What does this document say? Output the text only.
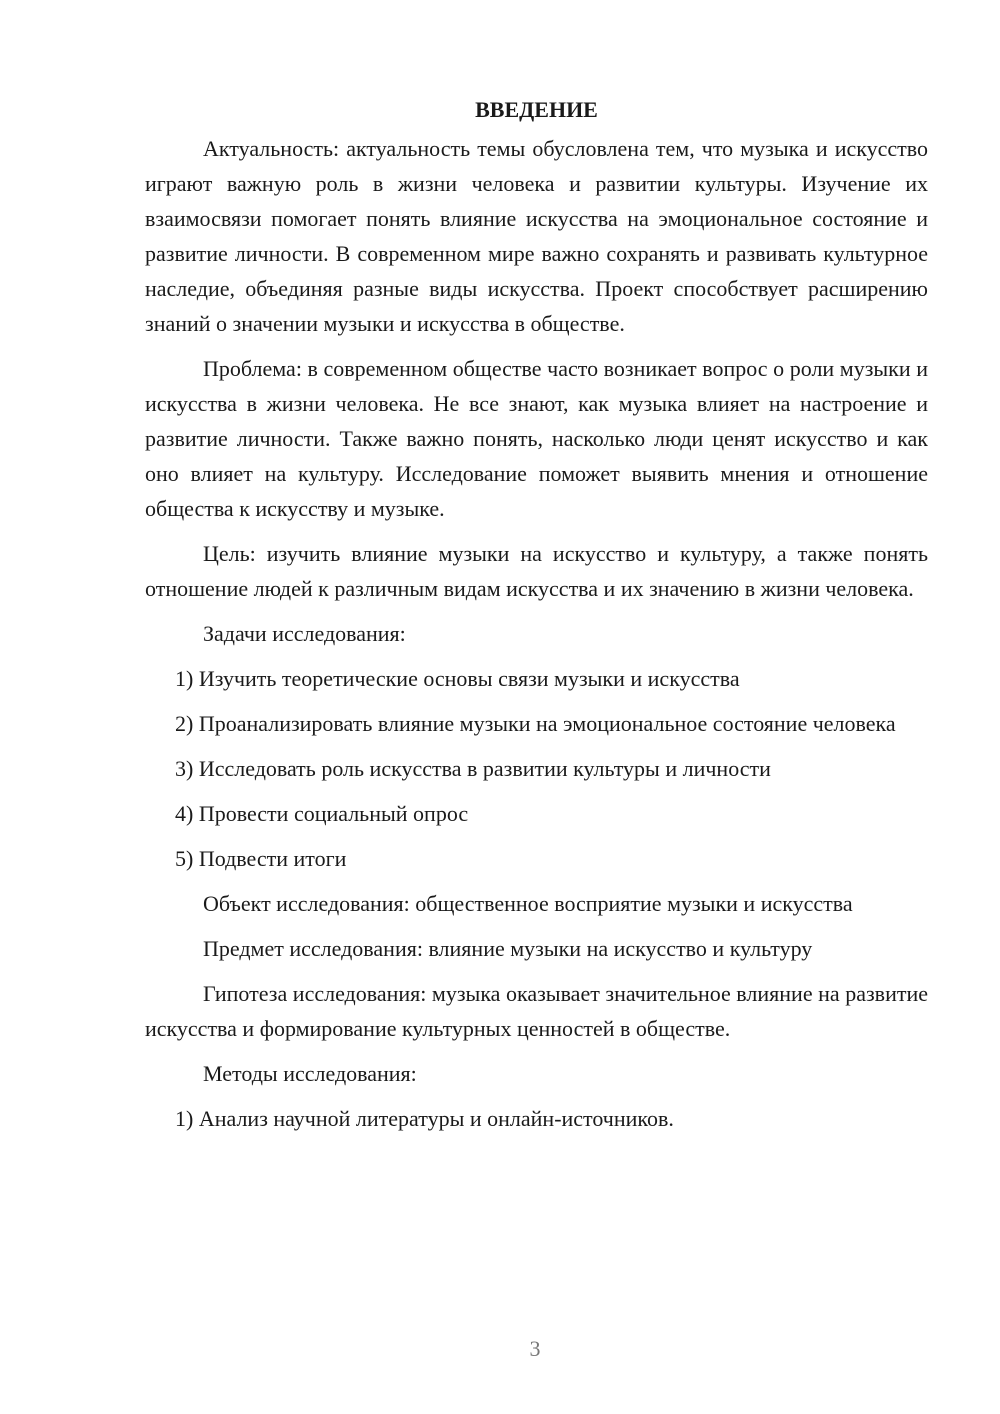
ВВЕДЕНИЕ

Актуальность: актуальность темы обусловлена тем, что музыка и искусство играют важную роль в жизни человека и развитии культуры. Изучение их взаимосвязи помогает понять влияние искусства на эмоциональное состояние и развитие личности. В современном мире важно сохранять и развивать культурное наследие, объединяя разные виды искусства. Проект способствует расширению знаний о значении музыки и искусства в обществе.

Проблема: в современном обществе часто возникает вопрос о роли музыки и искусства в жизни человека. Не все знают, как музыка влияет на настроение и развитие личности. Также важно понять, насколько люди ценят искусство и как оно влияет на культуру. Исследование поможет выявить мнения и отношение общества к искусству и музыке.

Цель: изучить влияние музыки на искусство и культуру, а также понять отношение людей к различным видам искусства и их значению в жизни человека.

Задачи исследования:

1) Изучить теоретические основы связи музыки и искусства

2) Проанализировать влияние музыки на эмоциональное состояние человека

3) Исследовать роль искусства в развитии культуры и личности

4) Провести социальный опрос

5) Подвести итоги

Объект исследования: общественное восприятие музыки и искусства

Предмет исследования: влияние музыки на искусство и культуру

Гипотеза исследования: музыка оказывает значительное влияние на развитие искусства и формирование культурных ценностей в обществе.

Методы исследования:

1) Анализ научной литературы и онлайн-источников.

3
